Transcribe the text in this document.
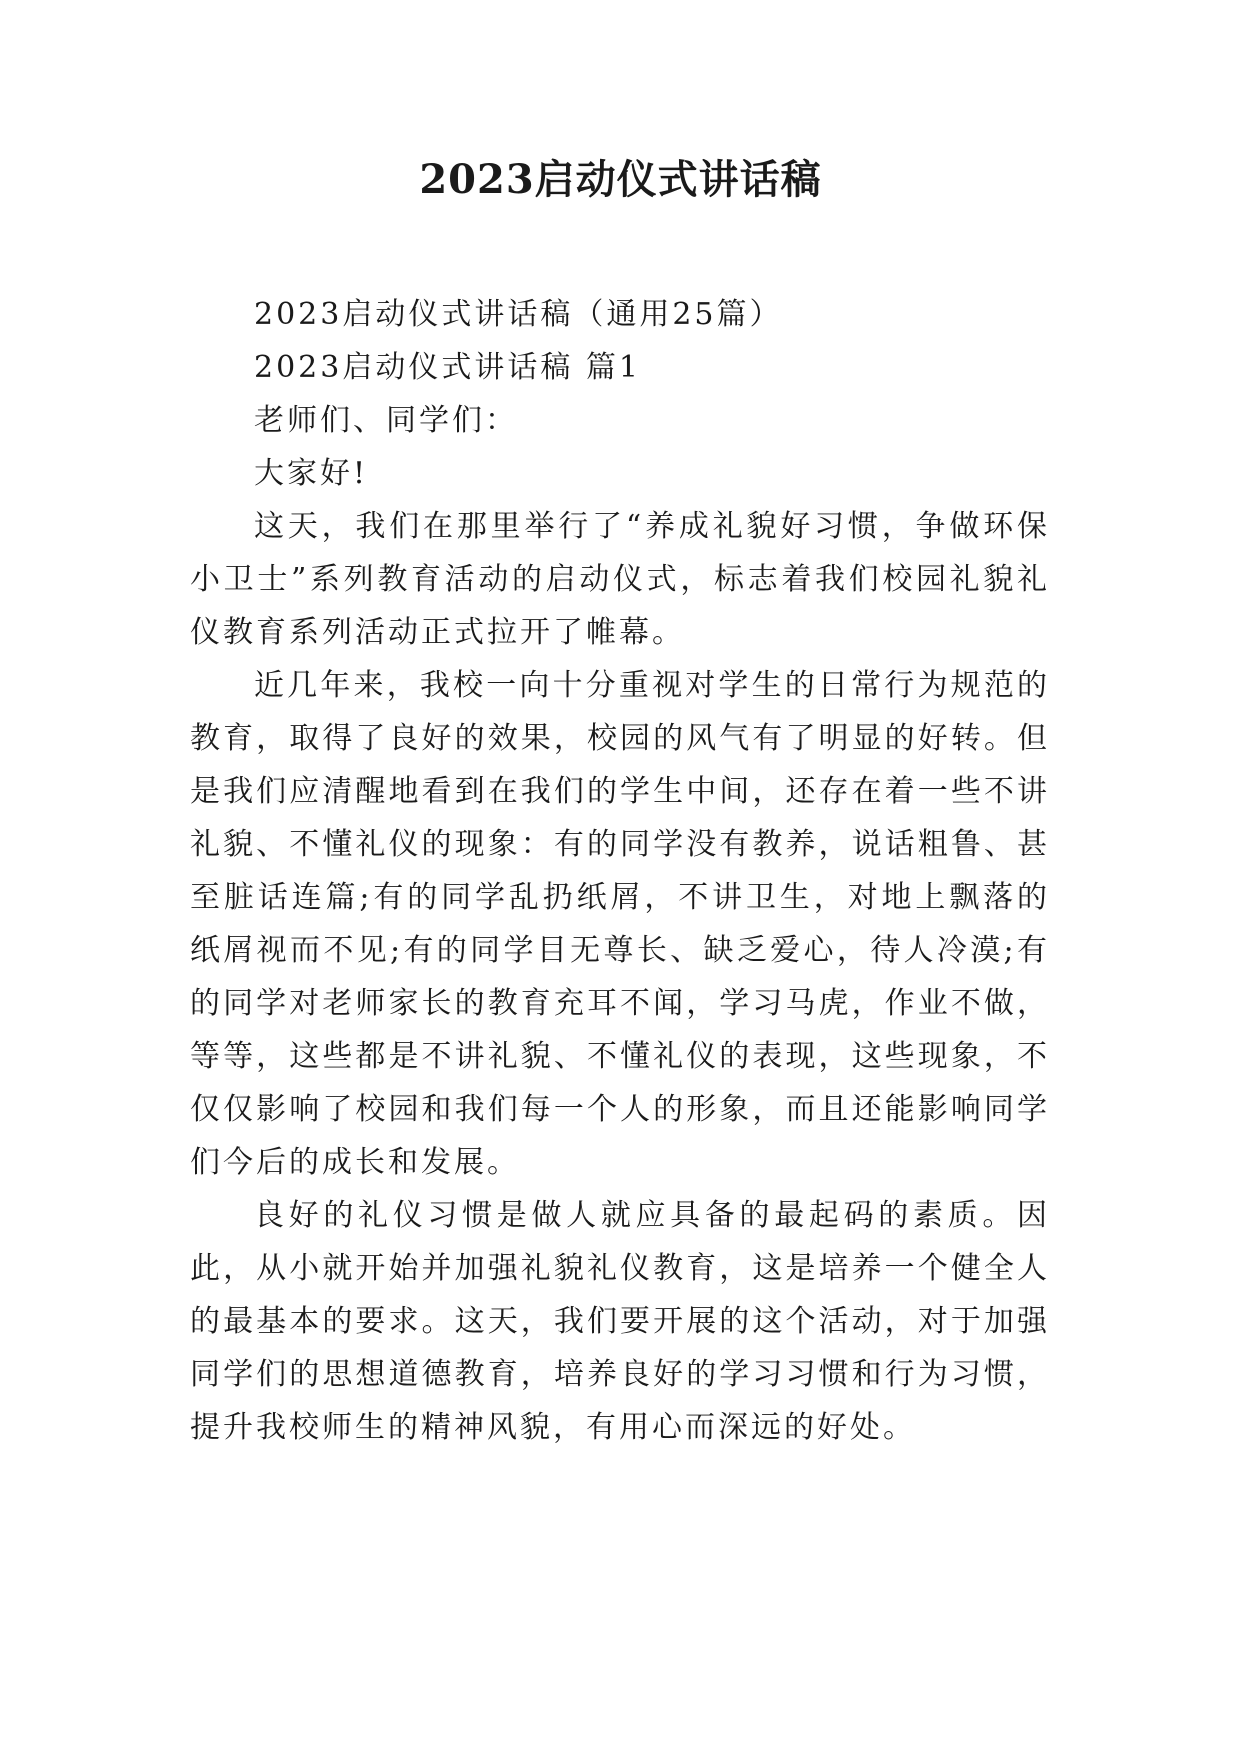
2023启动仪式讲话稿

2023启动仪式讲话稿（通用25篇）

2023启动仪式讲话稿 篇1

老师们、同学们：

大家好!

这天，我们在那里举行了“养成礼貌好习惯，争做环保小卫士”系列教育活动的启动仪式，标志着我们校园礼貌礼仪教育系列活动正式拉开了帷幕。

近几年来，我校一向十分重视对学生的日常行为规范的教育，取得了良好的效果，校园的风气有了明显的好转。但是我们应清醒地看到在我们的学生中间，还存在着一些不讲礼貌、不懂礼仪的现象：有的同学没有教养，说话粗鲁、甚至脏话连篇;有的同学乱扔纸屑，不讲卫生，对地上飘落的纸屑视而不见;有的同学目无尊长、缺乏爱心，待人冷漠;有的同学对老师家长的教育充耳不闻，学习马虎，作业不做，等等，这些都是不讲礼貌、不懂礼仪的表现，这些现象，不仅仅影响了校园和我们每一个人的形象，而且还能影响同学们今后的成长和发展。

良好的礼仪习惯是做人就应具备的最起码的素质。因此，从小就开始并加强礼貌礼仪教育，这是培养一个健全人的最基本的要求。这天，我们要开展的这个活动，对于加强同学们的思想道德教育，培养良好的学习习惯和行为习惯，提升我校师生的精神风貌，有用心而深远的好处。
